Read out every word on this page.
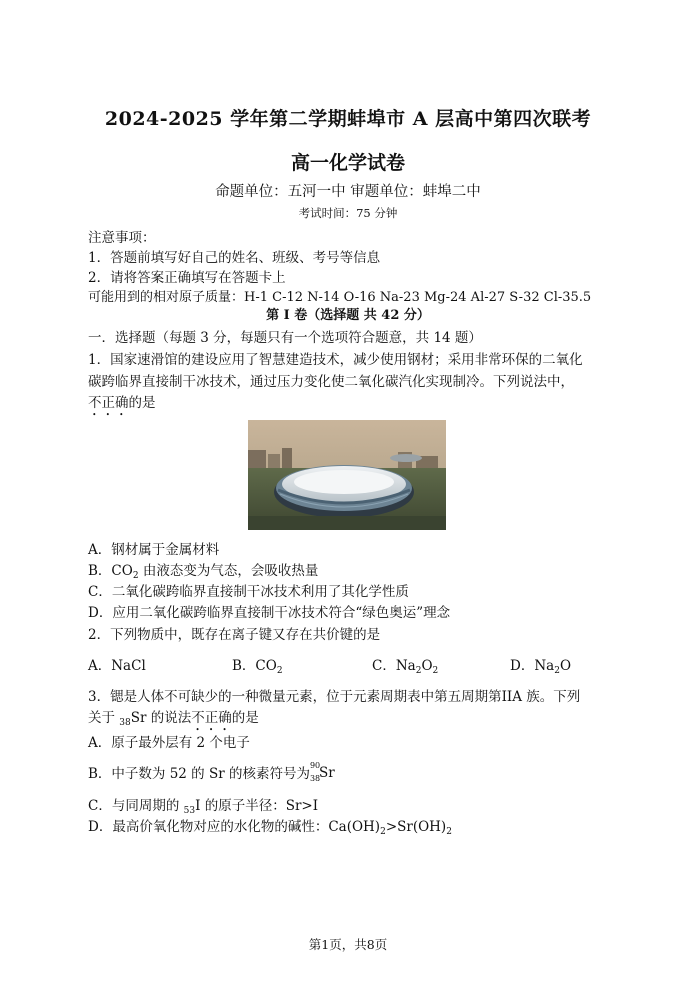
2024-2025 学年第二学期蚌埠市 A 层高中第四次联考
高一化学试卷
命题单位：五河一中 审题单位：蚌埠二中
考试时间：75 分钟
注意事项：
1．答题前填写好自己的姓名、班级、考号等信息
2．请将答案正确填写在答题卡上
可能用到的相对原子质量：H-1 C-12 N-14 O-16 Na-23 Mg-24 Al-27 S-32 Cl-35.5
第 I 卷（选择题 共 42 分）
一．选择题（每题 3 分，每题只有一个选项符合题意，共 14 题）
1．国家速滑馆的建设应用了智慧建造技术，减少使用钢材；采用非常环保的二氧化
碳跨临界直接制干冰技术，通过压力变化使二氧化碳汽化实现制冷。下列说法中，
不正确的是
A．钢材属于金属材料
B．$CO_2$ 由液态变为气态，会吸收热量
C．二氧化碳跨临界直接制干冰技术利用了其化学性质
D．应用二氧化碳跨临界直接制干冰技术符合“绿色奥运”理念
2．下列物质中，既存在离子键又存在共价键的是
A．NaCl	B．$CO_2$	C．$Na_2O_2$	D．$Na_2O$
3．锶是人体不可缺少的一种微量元素，位于元素周期表中第五周期第IIA 族。下列
关于 $_{38}$Sr 的说法不正确的是
A．原子最外层有 2 个电子
B．中子数为 52 的 Sr 的核素符号为
90
38
Sr
C．与同周期的 $_{53}$I 的原子半径：Sr>I
D．最高价氧化物对应的水化物的碱性：$Ca(OH)_2>Sr(OH)_2$
第1页，共8页
